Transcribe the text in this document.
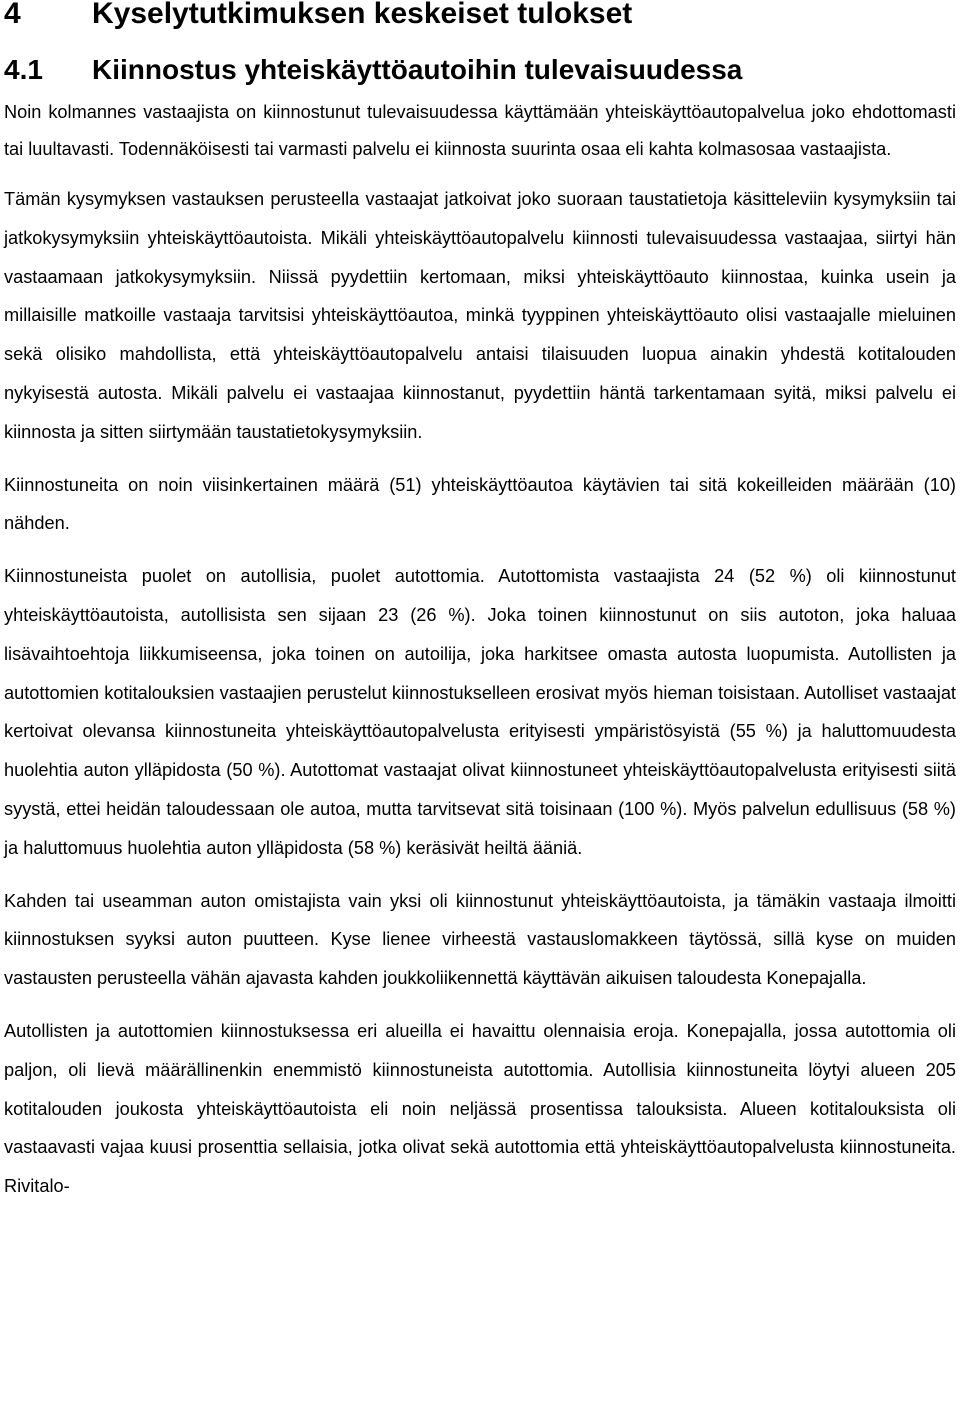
4 Kyselytutkimuksen keskeiset tulokset
4.1 Kiinnostus yhteiskäyttöautoihin tulevaisuudessa

Noin kolmannes vastaajista on kiinnostunut tulevaisuudessa käyttämään yhteiskäyttöautopalvelua joko ehdottomasti tai luultavasti. Todennäköisesti tai varmasti palvelu ei kiinnosta suurinta osaa eli kahta kolmasosaa vastaajista.

Tämän kysymyksen vastauksen perusteella vastaajat jatkoivat joko suoraan taustatietoja käsitteleviin kysymyksiin tai jatkokysymyksiin yhteiskäyttöautoista. Mikäli yhteiskäyttöautopalvelu kiinnosti tulevaisuudessa vastaajaa, siirtyi hän vastaamaan jatkokysymyksiin. Niissä pyydettiin kertomaan, miksi yhteiskäyttöauto kiinnostaa, kuinka usein ja millaisille matkoille vastaaja tarvitsisi yhteiskäyttöautoa, minkä tyyppinen yhteiskäyttöauto olisi vastaajalle mieluinen sekä olisiko mahdollista, että yhteiskäyttöautopalvelu antaisi tilaisuuden luopua ainakin yhdestä kotitalouden nykyisestä autosta. Mikäli palvelu ei vastaajaa kiinnostanut, pyydettiin häntä tarkentamaan syitä, miksi palvelu ei kiinnosta ja sitten siirtymään taustatietokysymyksiin.

Kiinnostuneita on noin viisinkertainen määrä (51) yhteiskäyttöautoa käytävien tai sitä kokeilleiden määrään (10) nähden.

Kiinnostuneista puolet on autollisia, puolet autottomia. Autottomista vastaajista 24 (52 %) oli kiinnostunut yhteiskäyttöautoista, autollisista sen sijaan 23 (26 %). Joka toinen kiinnostunut on siis autoton, joka haluaa lisävaihtoehtoja liikkumiseensa, joka toinen on autoilija, joka harkitsee omasta autosta luopumista. Autollisten ja autottomien kotitalouksien vastaajien perustelut kiinnostukselleen erosivat myös hieman toisistaan. Autolliset vastaajat kertoivat olevansa kiinnostuneita yhteiskäyttöautopalvelusta erityisesti ympäristösyistä (55 %) ja haluttomuudesta huolehtia auton ylläpidosta (50 %). Autottomat vastaajat olivat kiinnostuneet yhteiskäyttöautopalvelusta erityisesti siitä syystä, ettei heidän taloudessaan ole autoa, mutta tarvitsevat sitä toisinaan (100 %). Myös palvelun edullisuus (58 %) ja haluttomuus huolehtia auton ylläpidosta (58 %) keräsivät heiltä ääniä.

Kahden tai useamman auton omistajista vain yksi oli kiinnostunut yhteiskäyttöautoista, ja tämäkin vastaaja ilmoitti kiinnostuksen syyksi auton puutteen. Kyse lienee virheestä vastauslomakkeen täytössä, sillä kyse on muiden vastausten perusteella vähän ajavasta kahden joukkoliikennettä käyttävän aikuisen taloudesta Konepajalla.

Autollisten ja autottomien kiinnostuksessa eri alueilla ei havaittu olennaisia eroja. Konepajalla, jossa autottomia oli paljon, oli lievä määrällinenkin enemmistö kiinnostuneista autottomia. Autollisia kiinnostuneita löytyi alueen 205 kotitalouden joukosta yhteiskäyttöautoista eli noin neljässä prosentissa talouksista. Alueen kotitalouksista oli vastaavasti vajaa kuusi prosenttia sellaisia, jotka olivat sekä autottomia että yhteiskäyttöautopalvelusta kiinnostuneita. Rivitalo-
